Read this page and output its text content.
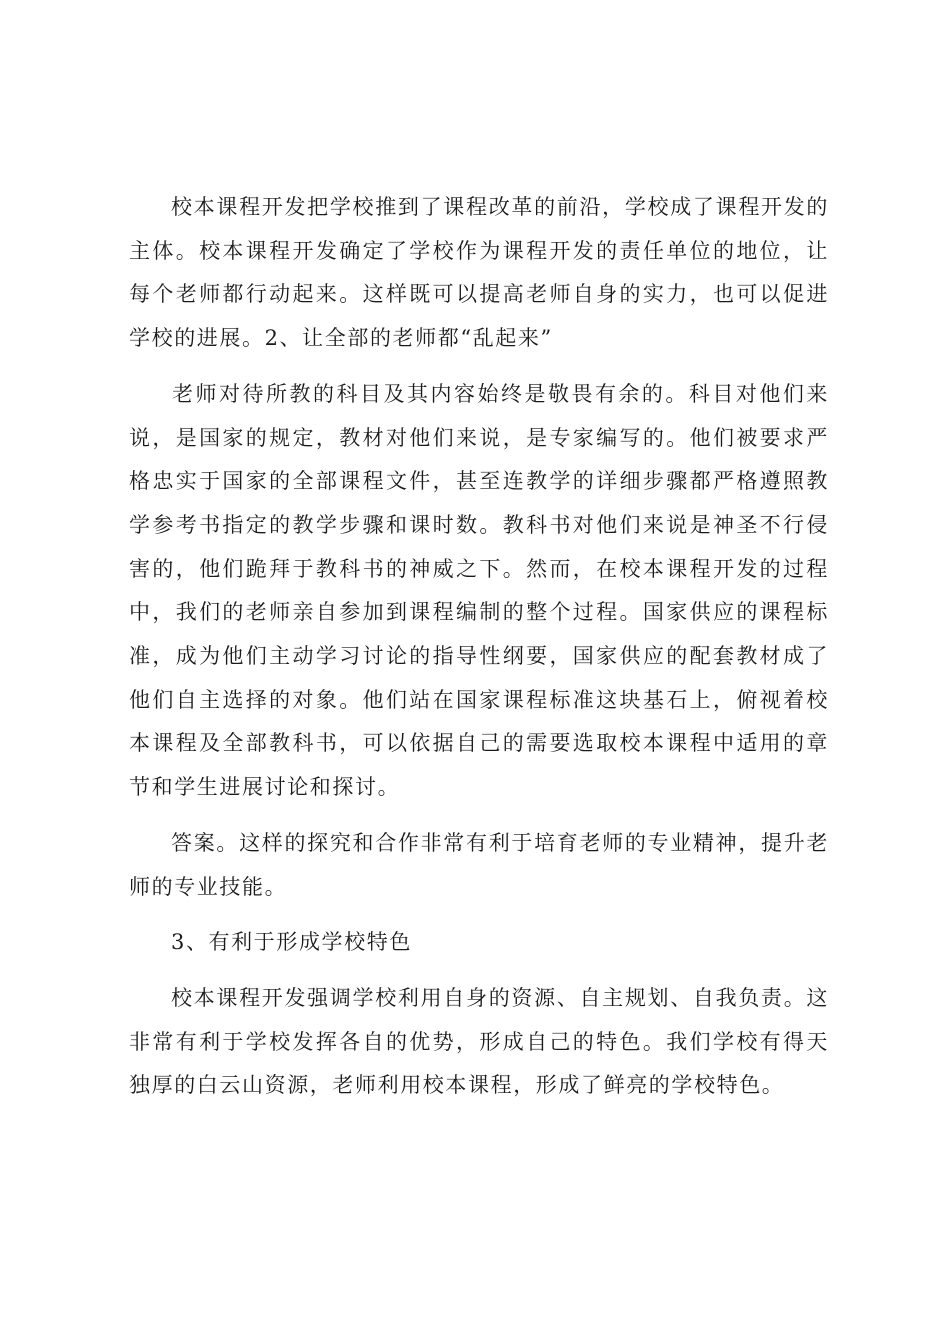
校本课程开发把学校推到了课程改革的前沿，学校成了课程开发的主体。校本课程开发确定了学校作为课程开发的责任单位的地位，让每个老师都行动起来。这样既可以提高老师自身的实力，也可以促进学校的进展。2、让全部的老师都“乱起来”

老师对待所教的科目及其内容始终是敬畏有余的。科目对他们来说，是国家的规定，教材对他们来说，是专家编写的。他们被要求严格忠实于国家的全部课程文件，甚至连教学的详细步骤都严格遵照教学参考书指定的教学步骤和课时数。教科书对他们来说是神圣不行侵害的，他们跪拜于教科书的神威之下。然而，在校本课程开发的过程中，我们的老师亲自参加到课程编制的整个过程。国家供应的课程标准，成为他们主动学习讨论的指导性纲要，国家供应的配套教材成了他们自主选择的对象。他们站在国家课程标准这块基石上，俯视着校本课程及全部教科书，可以依据自己的需要选取校本课程中适用的章节和学生进展讨论和探讨。

答案。这样的探究和合作非常有利于培育老师的专业精神，提升老师的专业技能。

3、有利于形成学校特色

校本课程开发强调学校利用自身的资源、自主规划、自我负责。这非常有利于学校发挥各自的优势，形成自己的特色。我们学校有得天独厚的白云山资源，老师利用校本课程，形成了鲜亮的学校特色。
